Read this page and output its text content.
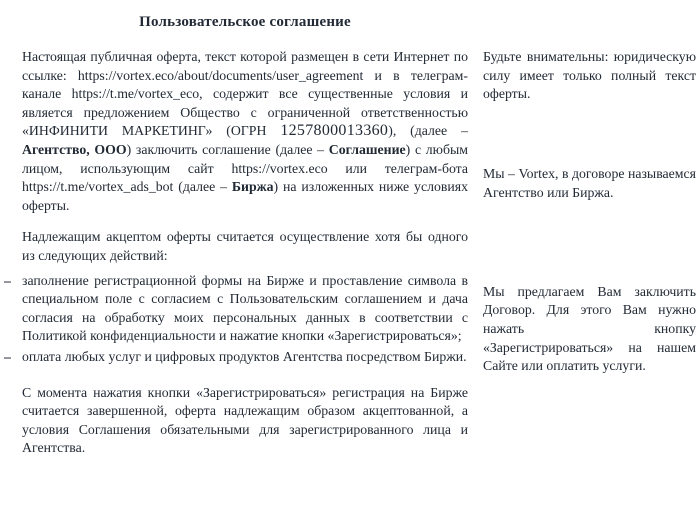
Пользовательское соглашение

Настоящая публичная оферта, текст которой размещен в сети Интернет по ссылке: https://vortex.eco/about/documents/user_agreement и в телеграм-канале https://t.me/vortex_eco, содержит все существенные условия и является предложением Общество с ограниченной ответственностью «ИНФИНИТИ МАРКЕТИНГ» (ОГРН 1257800013360), (далее – Агентство, ООО) заключить соглашение (далее – Соглашение) с любым лицом, использующим сайт https://vortex.eco или телеграм-бота https://t.me/vortex_ads_bot (далее – Биржа) на изложенных ниже условиях оферты.

Надлежащим акцептом оферты считается осуществление хотя бы одного из следующих действий:

– заполнение регистрационной формы на Бирже и проставление символа в специальном поле с согласием с Пользовательским соглашением и дача согласия на обработку моих персональных данных в соответствии с Политикой конфиденциальности и нажатие кнопки «Зарегистрироваться»;
– оплата любых услуг и цифровых продуктов Агентства посредством Биржи.

С момента нажатия кнопки «Зарегистрироваться» регистрация на Бирже считается завершенной, оферта надлежащим образом акцептованной, а условия Соглашения обязательными для зарегистрированного лица и Агентства.

Будьте внимательны: юридическую силу имеет только полный текст оферты.

Мы – Vortex, в договоре называемся Агентство или Биржа.

Мы предлагаем Вам заключить Договор. Для этого Вам нужно нажать кнопку «Зарегистрироваться» на нашем Сайте или оплатить услуги.
